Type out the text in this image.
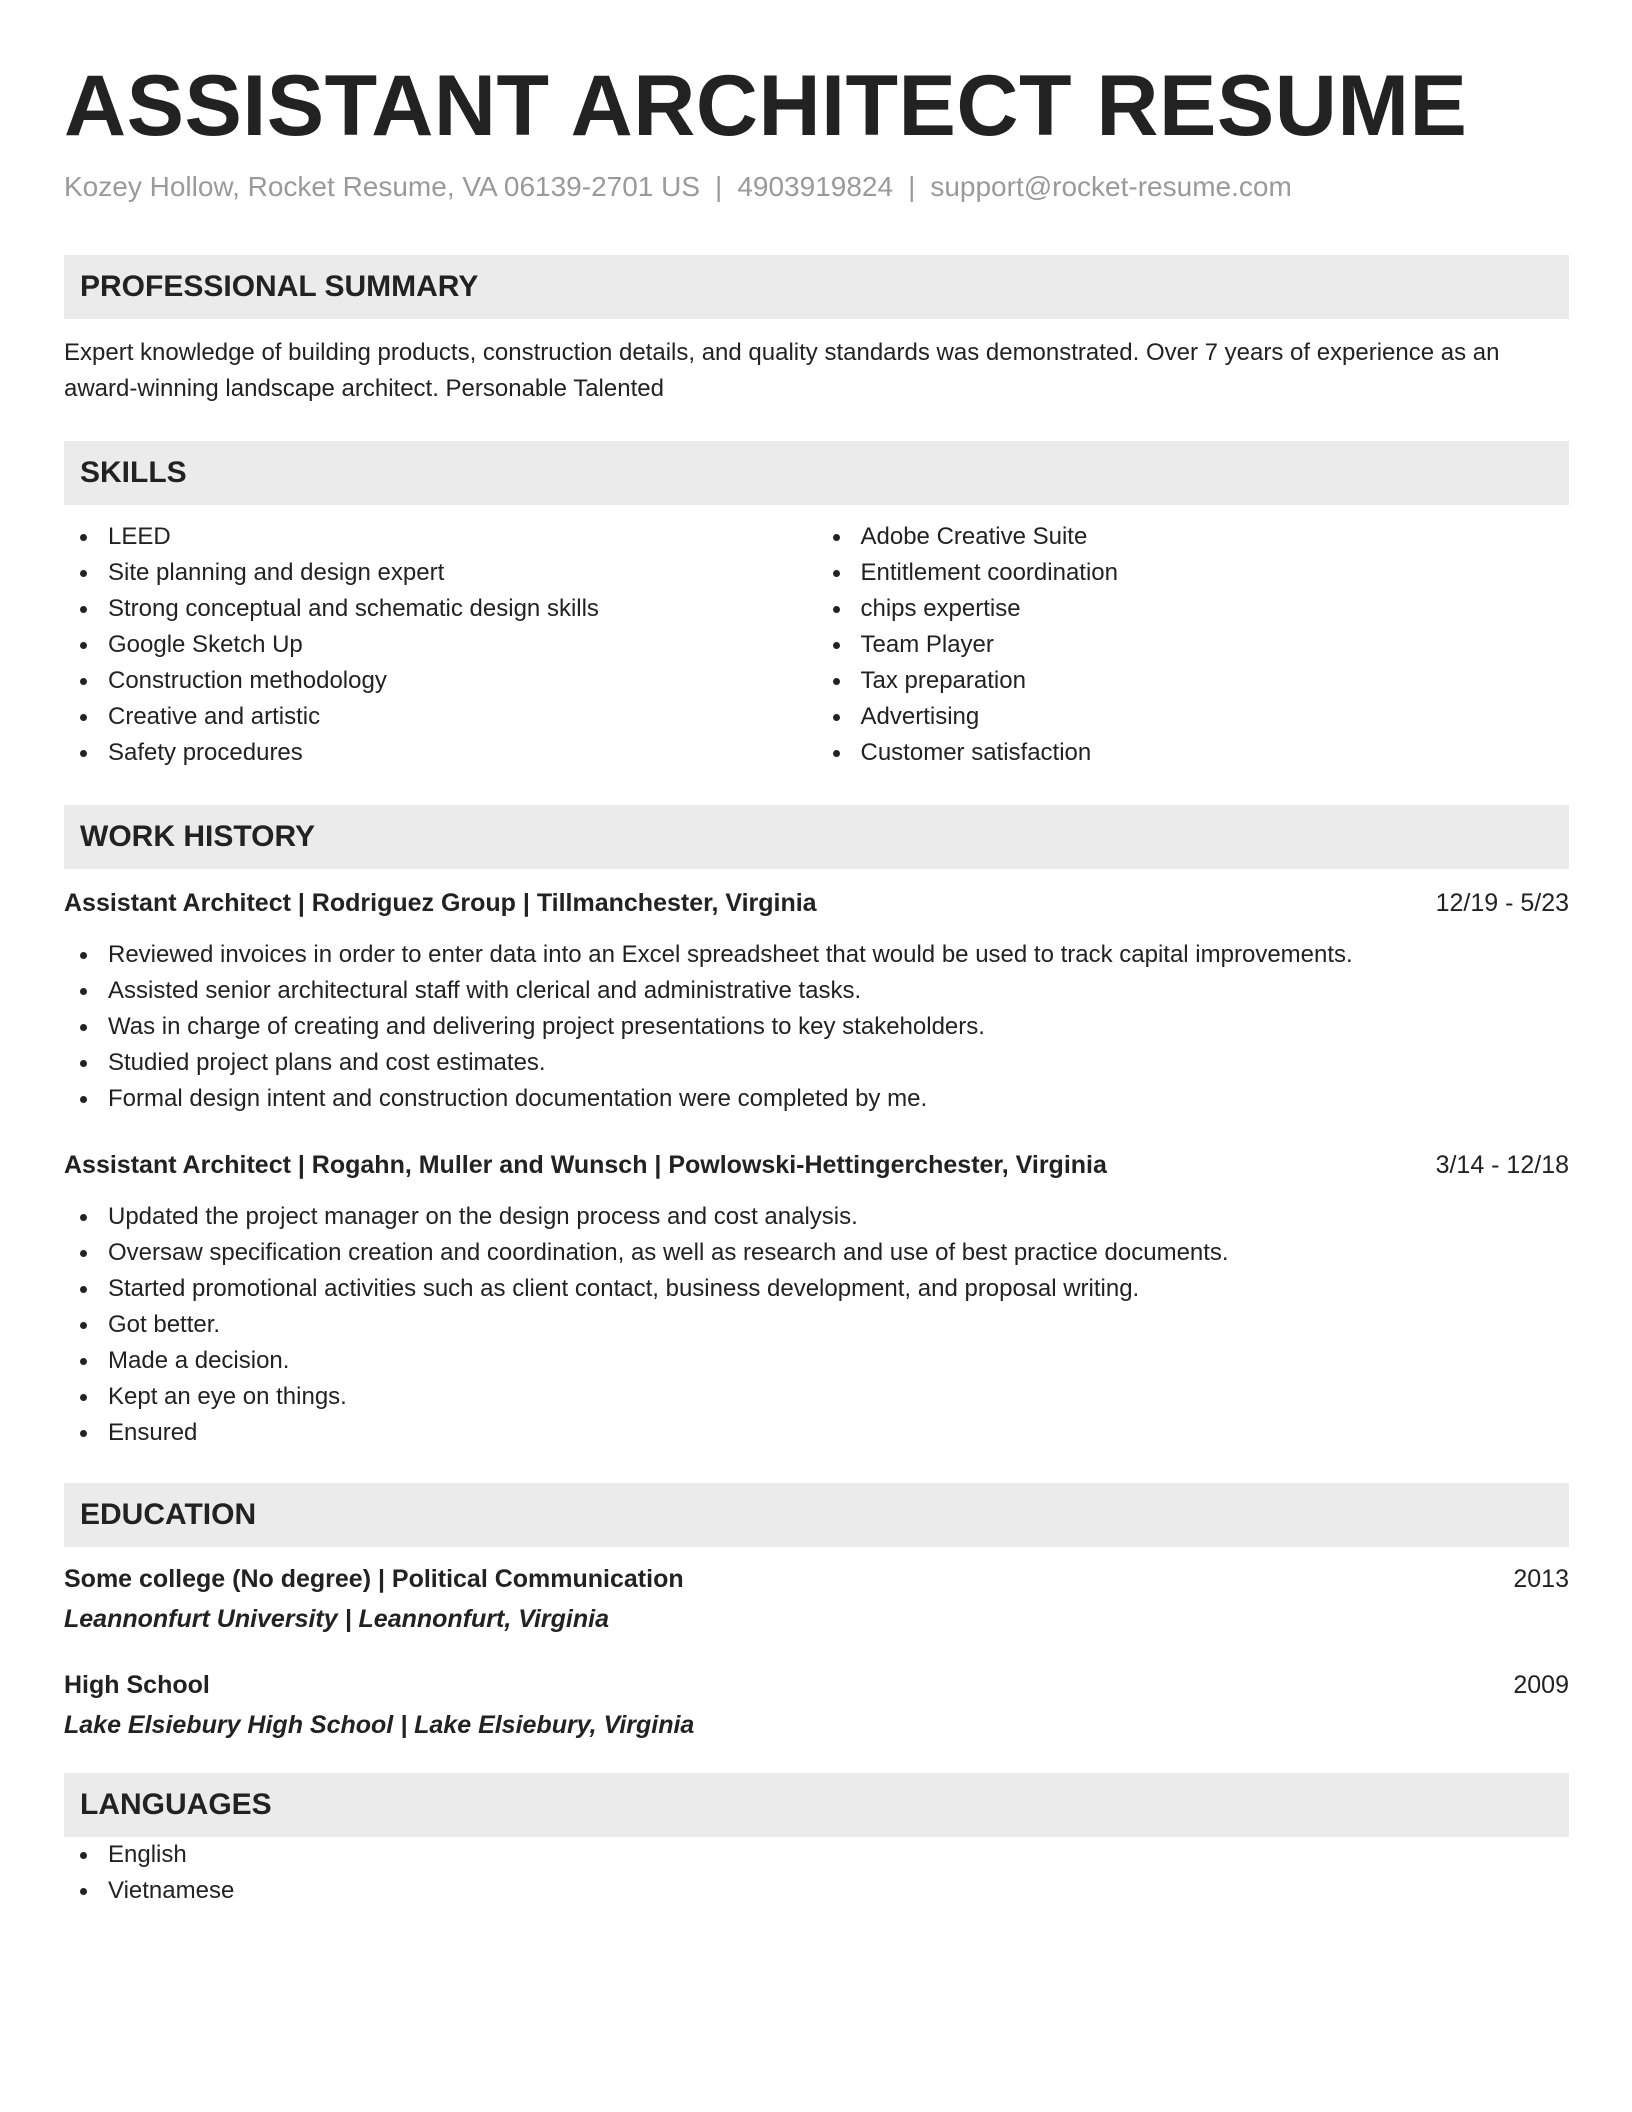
ASSISTANT ARCHITECT RESUME
Kozey Hollow, Rocket Resume, VA 06139-2701 US | 4903919824 | support@rocket-resume.com
PROFESSIONAL SUMMARY

Expert knowledge of building products, construction details, and quality standards was demonstrated. Over 7 years of experience as an award-winning landscape architect. Personable Talented

SKILLS
LEED
Site planning and design expert
Strong conceptual and schematic design skills
Google Sketch Up
Construction methodology
Creative and artistic
Safety procedures
Adobe Creative Suite
Entitlement coordination
chips expertise
Team Player
Tax preparation
Advertising
Customer satisfaction
WORK HISTORY
Assistant Architect | Rodriguez Group | Tillmanchester, Virginia	12/19 - 5/23
Reviewed invoices in order to enter data into an Excel spreadsheet that would be used to track capital improvements.
Assisted senior architectural staff with clerical and administrative tasks.
Was in charge of creating and delivering project presentations to key stakeholders.
Studied project plans and cost estimates.
Formal design intent and construction documentation were completed by me.
Assistant Architect | Rogahn, Muller and Wunsch | Powlowski-Hettingerchester, Virginia	3/14 - 12/18
Updated the project manager on the design process and cost analysis.
Oversaw specification creation and coordination, as well as research and use of best practice documents.
Started promotional activities such as client contact, business development, and proposal writing.
Got better.
Made a decision.
Kept an eye on things.
Ensured
EDUCATION
Some college (No degree) | Political Communication	2013
Leannonfurt University | Leannonfurt, Virginia
High School	2009
Lake Elsiebury High School | Lake Elsiebury, Virginia
LANGUAGES
English
Vietnamese
